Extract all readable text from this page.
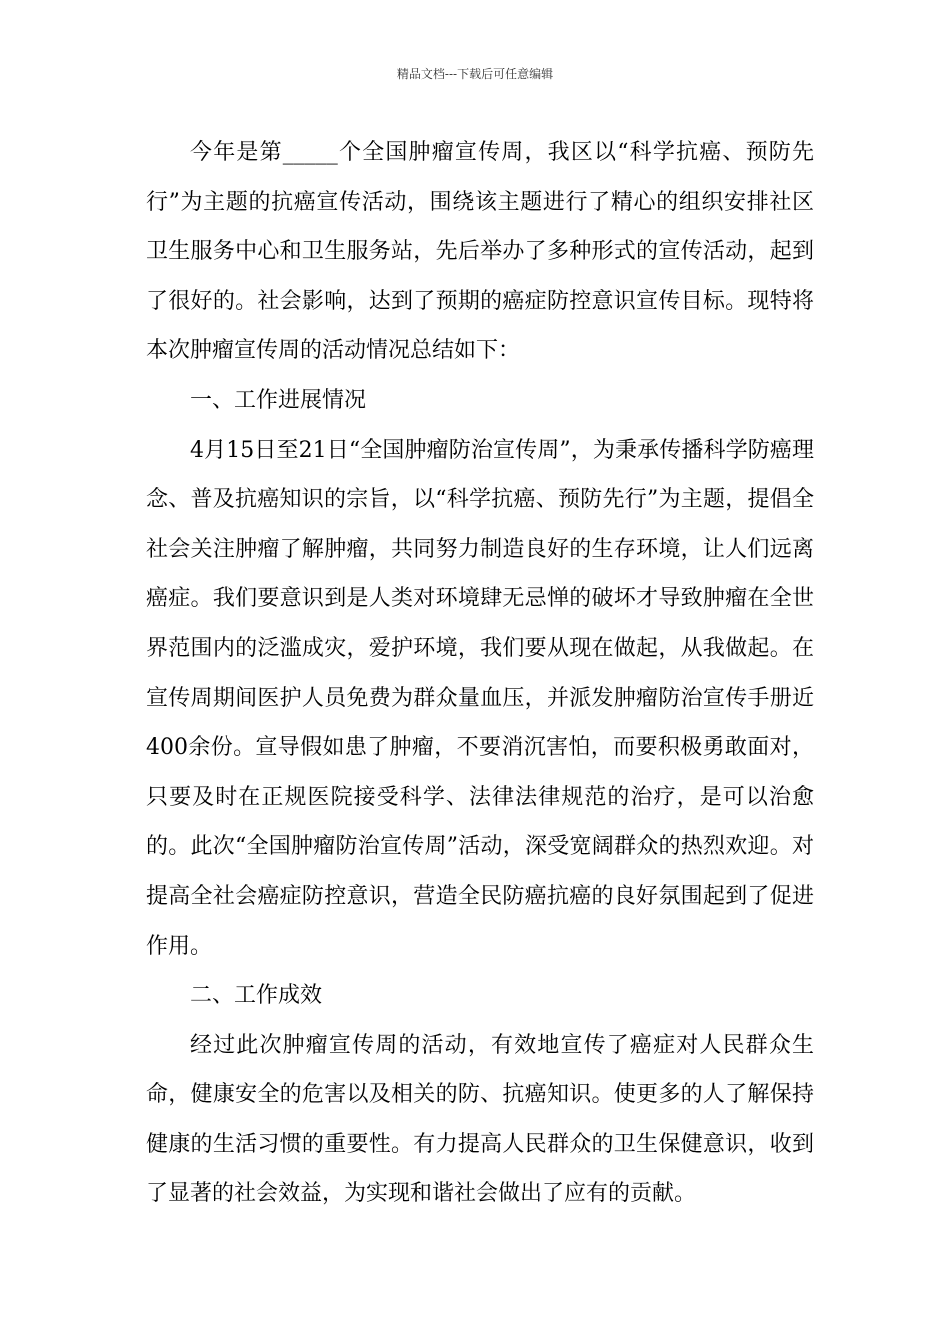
精品文档---下载后可任意编辑

今年是第_____个全国肿瘤宣传周，我区以“科学抗癌、预防先行”为主题的抗癌宣传活动，围绕该主题进行了精心的组织安排社区卫生服务中心和卫生服务站，先后举办了多种形式的宣传活动，起到了很好的。社会影响，达到了预期的癌症防控意识宣传目标。现特将本次肿瘤宣传周的活动情况总结如下：

一、工作进展情况

4月15日至21日“全国肿瘤防治宣传周”，为秉承传播科学防癌理念、普及抗癌知识的宗旨，以“科学抗癌、预防先行”为主题，提倡全社会关注肿瘤了解肿瘤，共同努力制造良好的生存环境，让人们远离癌症。我们要意识到是人类对环境肆无忌惮的破坏才导致肿瘤在全世界范围内的泛滥成灾，爱护环境，我们要从现在做起，从我做起。在宣传周期间医护人员免费为群众量血压，并派发肿瘤防治宣传手册近400余份。宣导假如患了肿瘤，不要消沉害怕，而要积极勇敢面对，只要及时在正规医院接受科学、法律法律规范的治疗，是可以治愈的。此次“全国肿瘤防治宣传周”活动，深受宽阔群众的热烈欢迎。对提高全社会癌症防控意识，营造全民防癌抗癌的良好氛围起到了促进作用。

二、工作成效

经过此次肿瘤宣传周的活动，有效地宣传了癌症对人民群众生命，健康安全的危害以及相关的防、抗癌知识。使更多的人了解保持健康的生活习惯的重要性。有力提高人民群众的卫生保健意识，收到了显著的社会效益，为实现和谐社会做出了应有的贡献。
